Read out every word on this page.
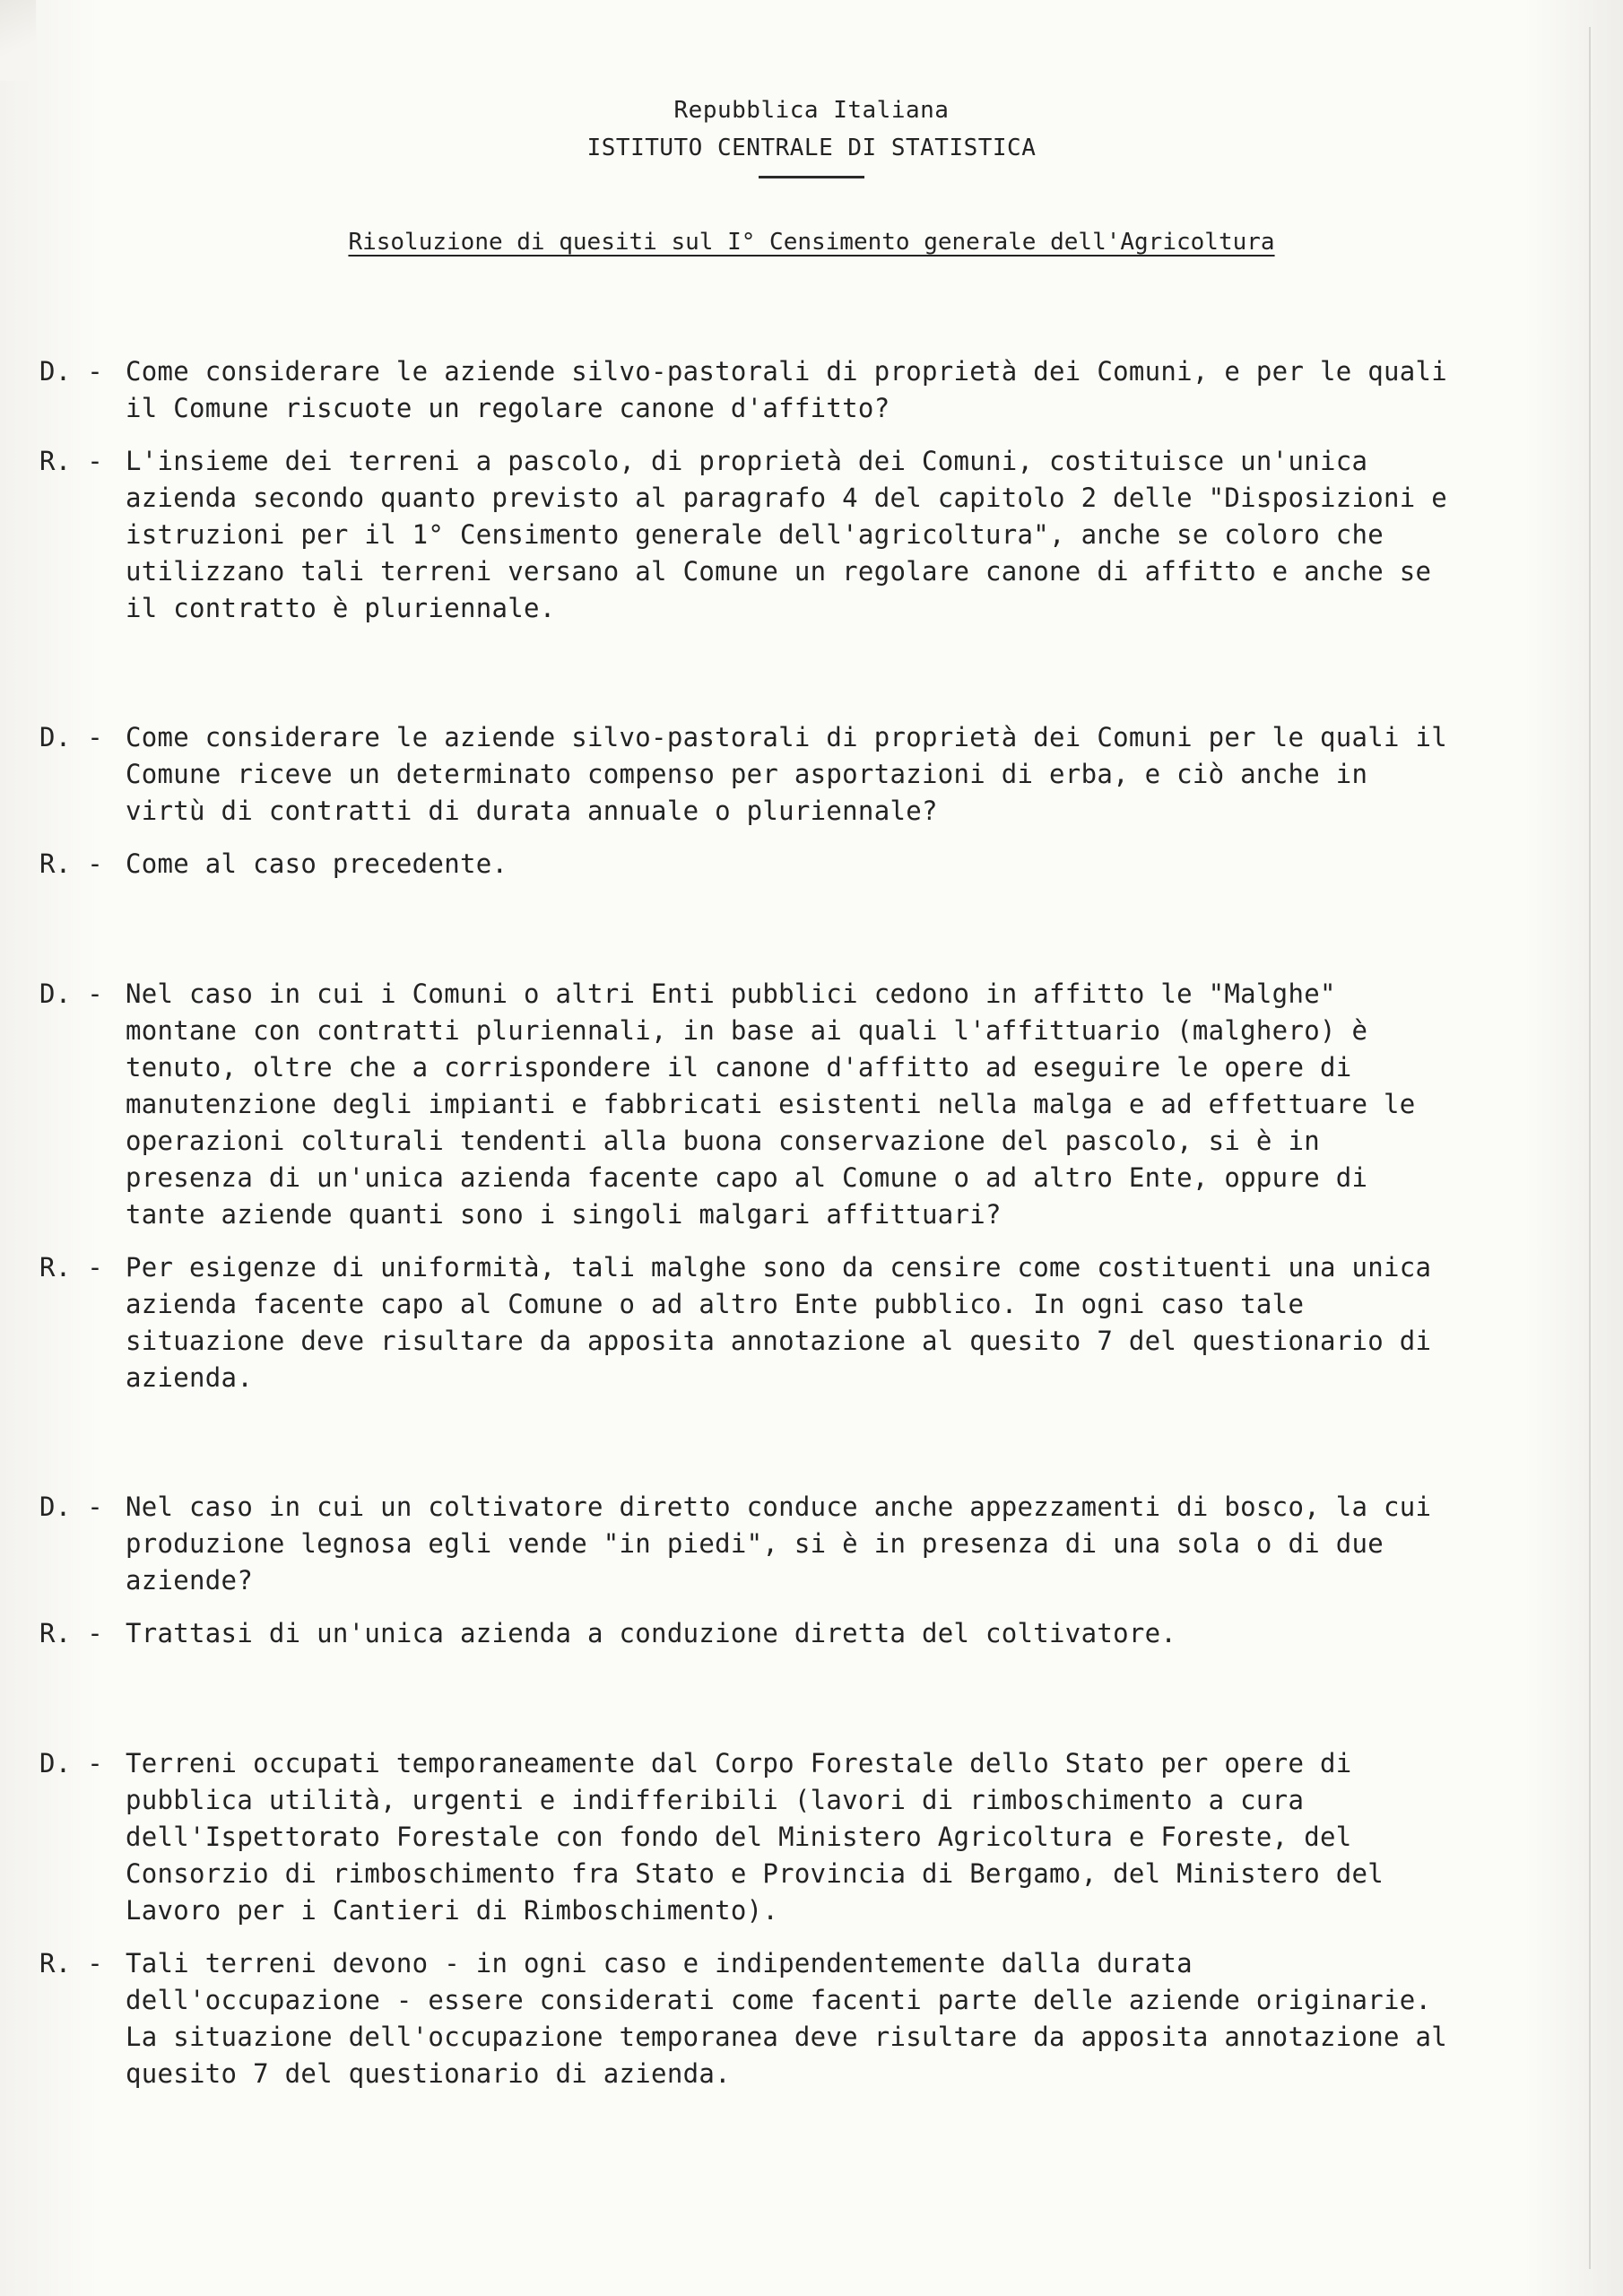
Repubblica Italiana
ISTITUTO CENTRALE DI STATISTICA
Risoluzione di quesiti sul I° Censimento generale dell'Agricoltura
D. - Come considerare le aziende silvo-pastorali di proprietà dei Comuni, e per le quali il Comune riscuote un regolare canone d'affitto?
R. - L'insieme dei terreni a pascolo, di proprietà dei Comuni, costituisce un'unica azienda secondo quanto previsto al paragrafo 4 del capitolo 2 delle "Disposizioni e istruzioni per il 1° Censimento generale dell'agricoltura", anche se coloro che utilizzano tali terreni versano al Comune un regolare canone di affitto e anche se il contratto è pluriennale.
D. - Come considerare le aziende silvo-pastorali di proprietà dei Comuni per le quali il Comune riceve un determinato compenso per asportazioni di erba, e ciò anche in virtù di contratti di durata annuale o pluriennale?
R. - Come al caso precedente.
D. - Nel caso in cui i Comuni o altri Enti pubblici cedono in affitto le "Malghe" montane con contratti pluriennali, in base ai quali l'affittuario (malghero) è tenuto, oltre che a corrispondere il canone d'affitto ad eseguire le opere di manutenzione degli impianti e fabbricati esistenti nella malga e ad effettuare le operazioni colturali tendenti alla buona conservazione del pascolo, si è in presenza di un'unica azienda facente capo al Comune o ad altro Ente, oppure di tante aziende quanti sono i singoli malgari affittuari?
R. - Per esigenze di uniformità, tali malghe sono da censire come costituenti una unica azienda facente capo al Comune o ad altro Ente pubblico. In ogni caso tale situazione deve risultare da apposita annotazione al quesito 7 del questionario di azienda.
D. - Nel caso in cui un coltivatore diretto conduce anche appezzamenti di bosco, la cui produzione legnosa egli vende "in piedi", si è in presenza di una sola o di due aziende?
R. - Trattasi di un'unica azienda a conduzione diretta del coltivatore.
D. - Terreni occupati temporaneamente dal Corpo Forestale dello Stato per opere di pubblica utilità, urgenti e indifferibili (lavori di rimboschimento a cura dell'Ispettorato Forestale con fondo del Ministero Agricoltura e Foreste, del Consorzio di rimboschimento fra Stato e Provincia di Bergamo, del Ministero del Lavoro per i Cantieri di Rimboschimento).
R. - Tali terreni devono - in ogni caso e indipendentemente dalla durata dell'occupazione - essere considerati come facenti parte delle aziende originarie. La situazione dell'occupazione temporanea deve risultare da apposita annotazione al quesito 7 del questionario di azienda.
